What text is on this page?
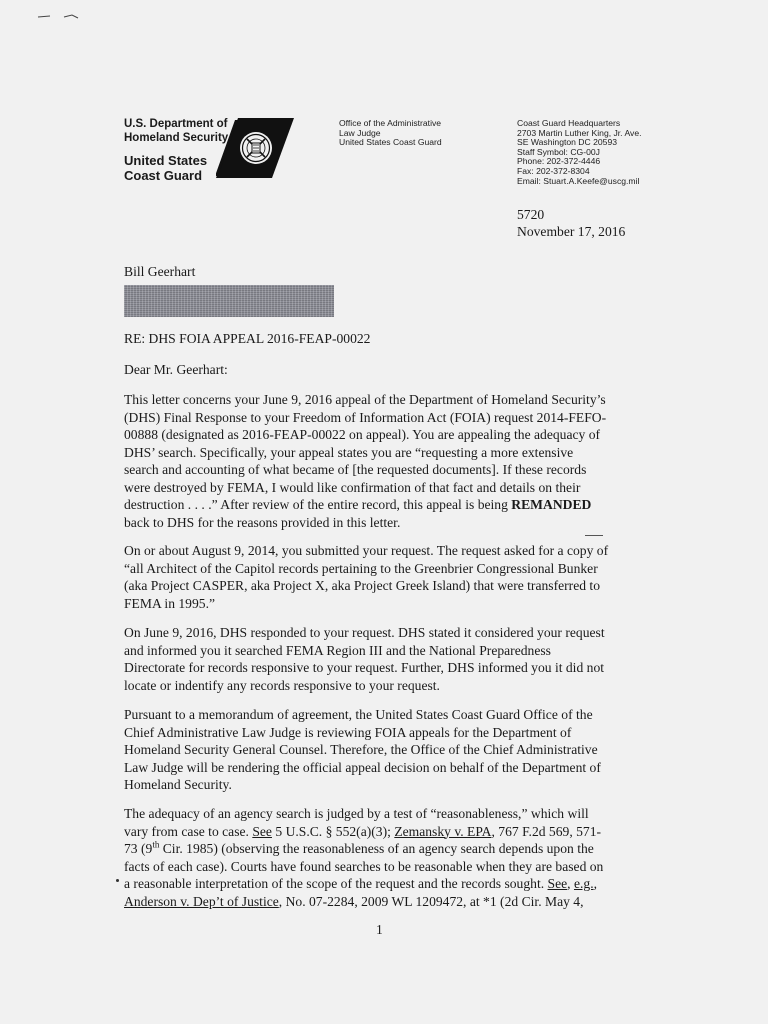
U.S. Department of
Homeland Security
United States
Coast Guard
Office of the Administrative
Law Judge
United States Coast Guard
Coast Guard Headquarters
2703 Martin Luther King, Jr. Ave.
SE Washington DC 20593
Staff Symbol: CG-00J
Phone: 202-372-4446
Fax: 202-372-8304
Email: Stuart.A.Keefe@uscg.mil
5720
November 17, 2016
Bill Geerhart
RE: DHS FOIA APPEAL 2016-FEAP-00022
Dear Mr. Geerhart:
This letter concerns your June 9, 2016 appeal of the Department of Homeland Security’s
(DHS) Final Response to your Freedom of Information Act (FOIA) request 2014-FEFO-
00888 (designated as 2016-FEAP-00022 on appeal). You are appealing the adequacy of
DHS’ search. Specifically, your appeal states you are “requesting a more extensive
search and accounting of what became of [the requested documents]. If these records
were destroyed by FEMA, I would like confirmation of that fact and details on their
destruction . . . .” After review of the entire record, this appeal is being REMANDED
back to DHS for the reasons provided in this letter.
On or about August 9, 2014, you submitted your request. The request asked for a copy of
“all Architect of the Capitol records pertaining to the Greenbrier Congressional Bunker
(aka Project CASPER, aka Project X, aka Project Greek Island) that were transferred to
FEMA in 1995.”
On June 9, 2016, DHS responded to your request. DHS stated it considered your request
and informed you it searched FEMA Region III and the National Preparedness
Directorate for records responsive to your request. Further, DHS informed you it did not
locate or indentify any records responsive to your request.
Pursuant to a memorandum of agreement, the United States Coast Guard Office of the
Chief Administrative Law Judge is reviewing FOIA appeals for the Department of
Homeland Security General Counsel. Therefore, the Office of the Chief Administrative
Law Judge will be rendering the official appeal decision on behalf of the Department of
Homeland Security.
The adequacy of an agency search is judged by a test of “reasonableness,” which will
vary from case to case. See 5 U.S.C. § 552(a)(3); Zemansky v. EPA, 767 F.2d 569, 571-
73 (9th Cir. 1985) (observing the reasonableness of an agency search depends upon the
facts of each case). Courts have found searches to be reasonable when they are based on
a reasonable interpretation of the scope of the request and the records sought. See, e.g.,
Anderson v. Dep’t of Justice, No. 07-2284, 2009 WL 1209472, at *1 (2d Cir. May 4,
1
